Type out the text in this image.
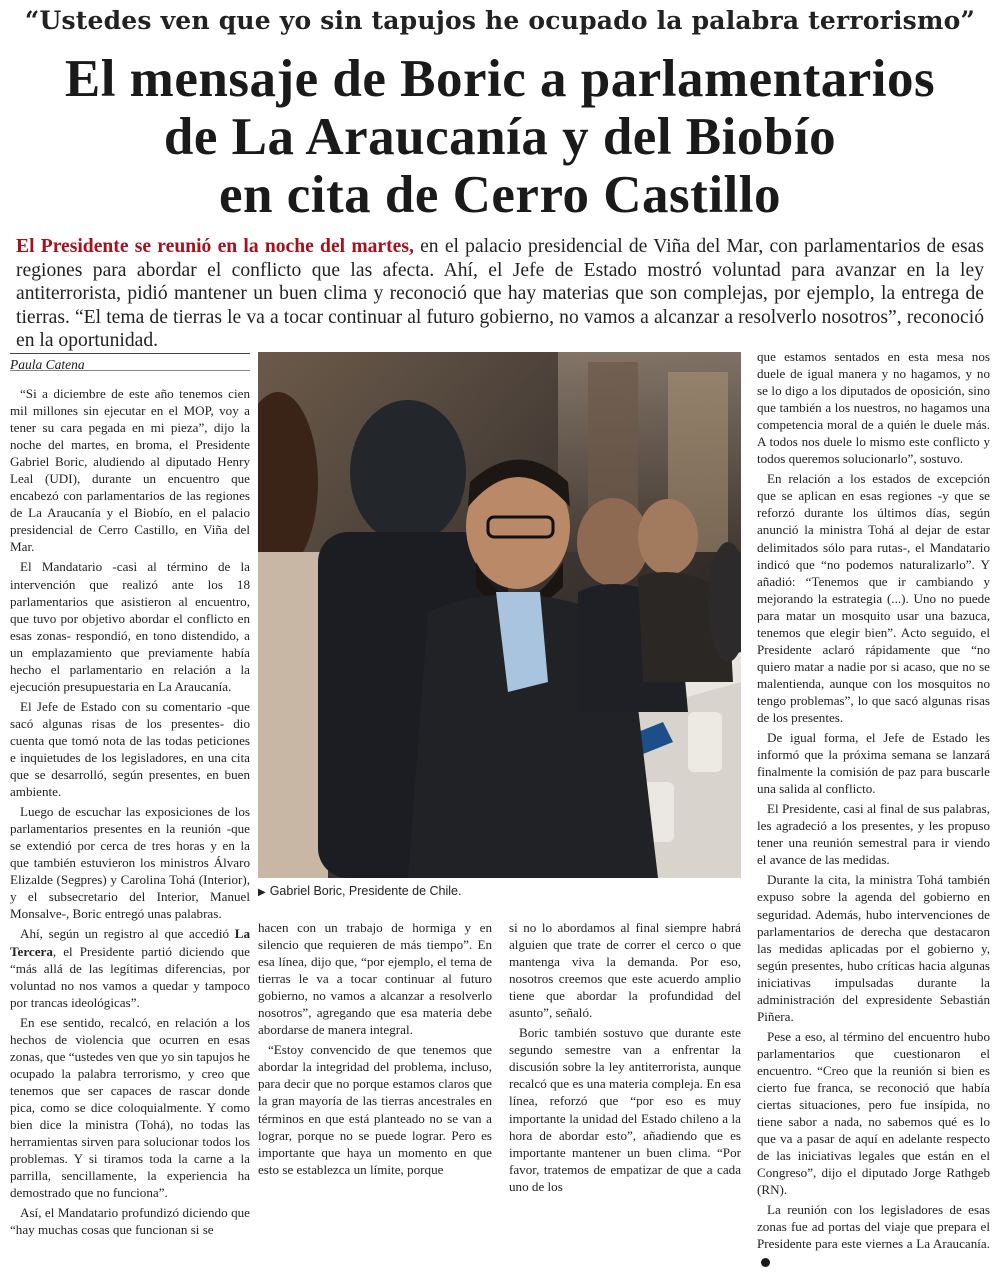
“Ustedes ven que yo sin tapujos he ocupado la palabra terrorismo”
El mensaje de Boric a parlamentarios
de La Araucanía y del Biobío
en cita de Cerro Castillo
El Presidente se reunió en la noche del martes, en el palacio presidencial de Viña del Mar, con parlamentarios de esas regiones para abordar el conflicto que las afecta. Ahí, el Jefe de Estado mostró voluntad para avanzar en la ley antiterrorista, pidió mantener un buen clima y reconoció que hay materias que son complejas, por ejemplo, la entrega de tierras. “El tema de tierras le va a tocar continuar al futuro gobierno, no vamos a alcanzar a resolverlo nosotros”, reconoció en la oportunidad.
Paula Catena

“Si a diciembre de este año tenemos cien mil millones sin ejecutar en el MOP, voy a tener su cara pegada en mi pieza”, dijo la noche del martes, en broma, el Presidente Gabriel Boric, aludiendo al diputado Henry Leal (UDI), durante un encuentro que encabezó con parlamentarios de las regiones de La Araucanía y el Biobío, en el palacio presidencial de Cerro Castillo, en Viña del Mar.

El Mandatario -casi al término de la intervención que realizó ante los 18 parlamentarios que asistieron al encuentro, que tuvo por objetivo abordar el conflicto en esas zonas- respondió, en tono distendido, a un emplazamiento que previamente había hecho el parlamentario en relación a la ejecución presupuestaria en La Araucanía.

El Jefe de Estado con su comentario -que sacó algunas risas de los presentes- dio cuenta que tomó nota de las todas peticiones e inquietudes de los legisladores, en una cita que se desarrolló, según presentes, en buen ambiente.

Luego de escuchar las exposiciones de los parlamentarios presentes en la reunión -que se extendió por cerca de tres horas y en la que también estuvieron los ministros Álvaro Elizalde (Segpres) y Carolina Tohá (Interior), y el subsecretario del Interior, Manuel Monsalve-, Boric entregó unas palabras.

Ahí, según un registro al que accedió La Tercera, el Presidente partió diciendo que “más allá de las legítimas diferencias, por voluntad no nos vamos a quedar y tampoco por trancas ideológicas”.

En ese sentido, recalcó, en relación a los hechos de violencia que ocurren en esas zonas, que “ustedes ven que yo sin tapujos he ocupado la palabra terrorismo, y creo que tenemos que ser capaces de rascar donde pica, como se dice coloquialmente. Y como bien dice la ministra (Tohá), no todas las herramientas sirven para solucionar todos los problemas. Y si tiramos toda la carne a la parrilla, sencillamente, la experiencia ha demostrado que no funciona”.

Así, el Mandatario profundizó diciendo que “hay muchas cosas que funcionan si se

▶ Gabriel Boric, Presidente de Chile.

hacen con un trabajo de hormiga y en silencio que requieren de más tiempo”. En esa línea, dijo que, “por ejemplo, el tema de tierras le va a tocar continuar al futuro gobierno, no vamos a alcanzar a resolverlo nosotros”, agregando que esa materia debe abordarse de manera integral.

“Estoy convencido de que tenemos que abordar la integridad del problema, incluso, para decir que no porque estamos claros que la gran mayoría de las tierras ancestrales en términos en que está planteado no se van a lograr, porque no se puede lograr. Pero es importante que haya un momento en que esto se establezca un límite, porque

si no lo abordamos al final siempre habrá alguien que trate de correr el cerco o que mantenga viva la demanda. Por eso, nosotros creemos que este acuerdo amplio tiene que abordar la profundidad del asunto”, señaló.

Boric también sostuvo que durante este segundo semestre van a enfrentar la discusión sobre la ley antiterrorista, aunque recalcó que es una materia compleja. En esa línea, reforzó que “por eso es muy importante la unidad del Estado chileno a la hora de abordar esto”, añadiendo que es importante mantener un buen clima. “Por favor, tratemos de empatizar de que a cada uno de los

que estamos sentados en esta mesa nos duele de igual manera y no hagamos, y no se lo digo a los diputados de oposición, sino que también a los nuestros, no hagamos una competencia moral de a quién le duele más. A todos nos duele lo mismo este conflicto y todos queremos solucionarlo”, sostuvo.

En relación a los estados de excepción que se aplican en esas regiones -y que se reforzó durante los últimos días, según anunció la ministra Tohá al dejar de estar delimitados sólo para rutas-, el Mandatario indicó que “no podemos naturalizarlo”. Y añadió: “Tenemos que ir cambiando y mejorando la estrategia (...). Uno no puede para matar un mosquito usar una bazuca, tenemos que elegir bien”. Acto seguido, el Presidente aclaró rápidamente que “no quiero matar a nadie por si acaso, que no se malentienda, aunque con los mosquitos no tengo problemas”, lo que sacó algunas risas de los presentes.

De igual forma, el Jefe de Estado les informó que la próxima semana se lanzará finalmente la comisión de paz para buscarle una salida al conflicto.

El Presidente, casi al final de sus palabras, les agradeció a los presentes, y les propuso tener una reunión semestral para ir viendo el avance de las medidas.

Durante la cita, la ministra Tohá también expuso sobre la agenda del gobierno en seguridad. Además, hubo intervenciones de parlamentarios de derecha que destacaron las medidas aplicadas por el gobierno y, según presentes, hubo críticas hacia algunas iniciativas impulsadas durante la administración del expresidente Sebastián Piñera.

Pese a eso, al término del encuentro hubo parlamentarios que cuestionaron el encuentro. “Creo que la reunión si bien es cierto fue franca, se reconoció que había ciertas situaciones, pero fue insípida, no tiene sabor a nada, no sabemos qué es lo que va a pasar de aquí en adelante respecto de las iniciativas legales que están en el Congreso”, dijo el diputado Jorge Rathgeb (RN).

La reunión con los legisladores de esas zonas fue ad portas del viaje que prepara el Presidente para este viernes a La Araucanía.
